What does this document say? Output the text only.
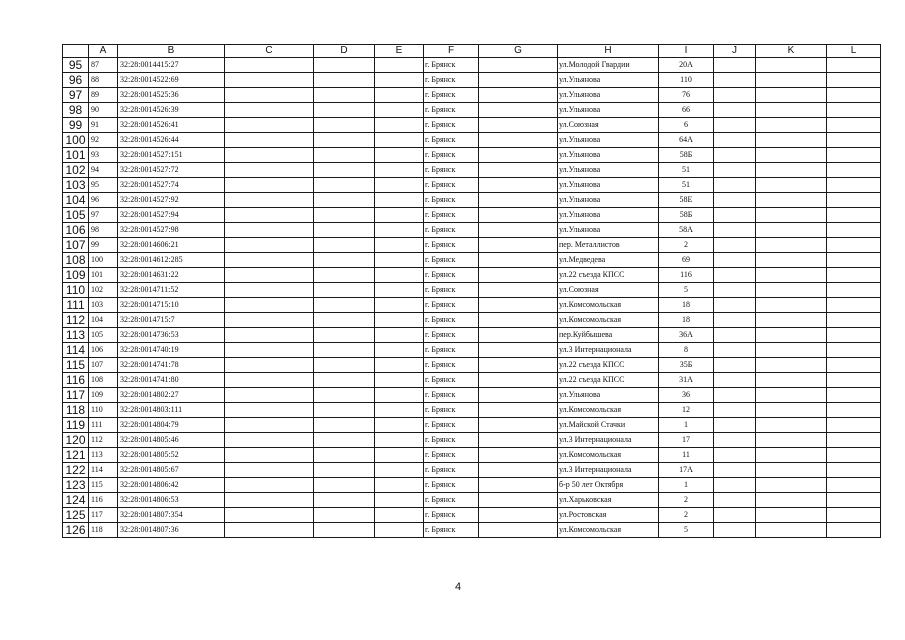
	A	B	C	D	E	F	G	H	I	J	K	L
95	87	32:28:0014415:27				г. Брянск		ул.Молодой Гвардии	20А			
96	88	32:28:0014522:69				г. Брянск		ул.Ульянова	110			
97	89	32:28:0014525:36				г. Брянск		ул.Ульянова	76			
98	90	32:28:0014526:39				г. Брянск		ул.Ульянова	66			
99	91	32:28:0014526:41				г. Брянск		ул.Союзная	6			
100	92	32:28:0014526:44				г. Брянск		ул.Ульянова	64А			
101	93	32:28:0014527:151				г. Брянск		ул.Ульянова	58Б			
102	94	32:28:0014527:72				г. Брянск		ул.Ульянова	51			
103	95	32:28:0014527:74				г. Брянск		ул.Ульянова	51			
104	96	32:28:0014527:92				г. Брянск		ул.Ульянова	58Е			
105	97	32:28:0014527:94				г. Брянск		ул.Ульянова	58Б			
106	98	32:28:0014527:98				г. Брянск		ул.Ульянова	58А			
107	99	32:28:0014606:21				г. Брянск		пер. Металлистов	2			
108	100	32:28:0014612:285				г. Брянск		ул.Медведева	69			
109	101	32:28:0014631:22				г. Брянск		ул.22 съезда КПСС	116			
110	102	32:28:0014711:52				г. Брянск		ул.Союзная	5			
111	103	32:28:0014715:10				г. Брянск		ул.Комсомольская	18			
112	104	32:28:0014715:7				г. Брянск		ул.Комсомольская	18			
113	105	32:28:0014736:53				г. Брянск		пер.Куйбышева	36А			
114	106	32:28:0014740:19				г. Брянск		ул.3 Интернационала	8			
115	107	32:28:0014741:78				г. Брянск		ул.22 съезда КПСС	35Б			
116	108	32:28:0014741:80				г. Брянск		ул.22 съезда КПСС	31А			
117	109	32:28:0014802:27				г. Брянск		ул.Ульянова	36			
118	110	32:28:0014803:111				г. Брянск		ул.Комсомольская	12			
119	111	32:28:0014804:79				г. Брянск		ул.Майской Стачки	1			
120	112	32:28:0014805:46				г. Брянск		ул.3 Интернационала	17			
121	113	32:28:0014805:52				г. Брянск		ул.Комсомольская	11			
122	114	32:28:0014805:67				г. Брянск		ул.3 Интернационала	17А			
123	115	32:28:0014806:42				г. Брянск		б-р 50 лет Октября	1			
124	116	32:28:0014806:53				г. Брянск		ул.Харьковская	2			
125	117	32:28:0014807:354				г. Брянск		ул.Ростовская	2			
126	118	32:28:0014807:36				г. Брянск		ул.Комсомольская	5			
4
